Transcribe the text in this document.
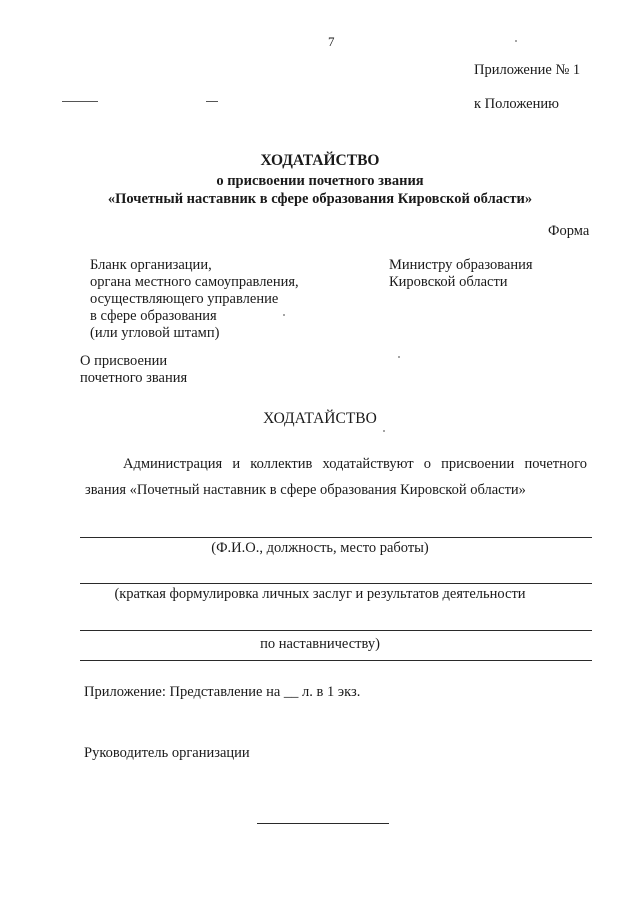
7
Приложение № 1
к Положению
ХОДАТАЙСТВО
о присвоении почетного звания
«Почетный наставник в сфере образования Кировской области»
Форма
Бланк организации,
органа местного самоуправления,
осуществляющего управление
в сфере образования
(или угловой штамп)
Министру образования
Кировской области
О присвоении
почетного звания
ХОДАТАЙСТВО
Администрация и коллектив ходатайствуют о присвоении почетного
звания «Почетный наставник в сфере образования Кировской области»
(Ф.И.О., должность, место работы)
(краткая формулировка личных заслуг и результатов деятельности
по наставничеству)
Приложение: Представление на __ л. в 1 экз.
Руководитель организации
